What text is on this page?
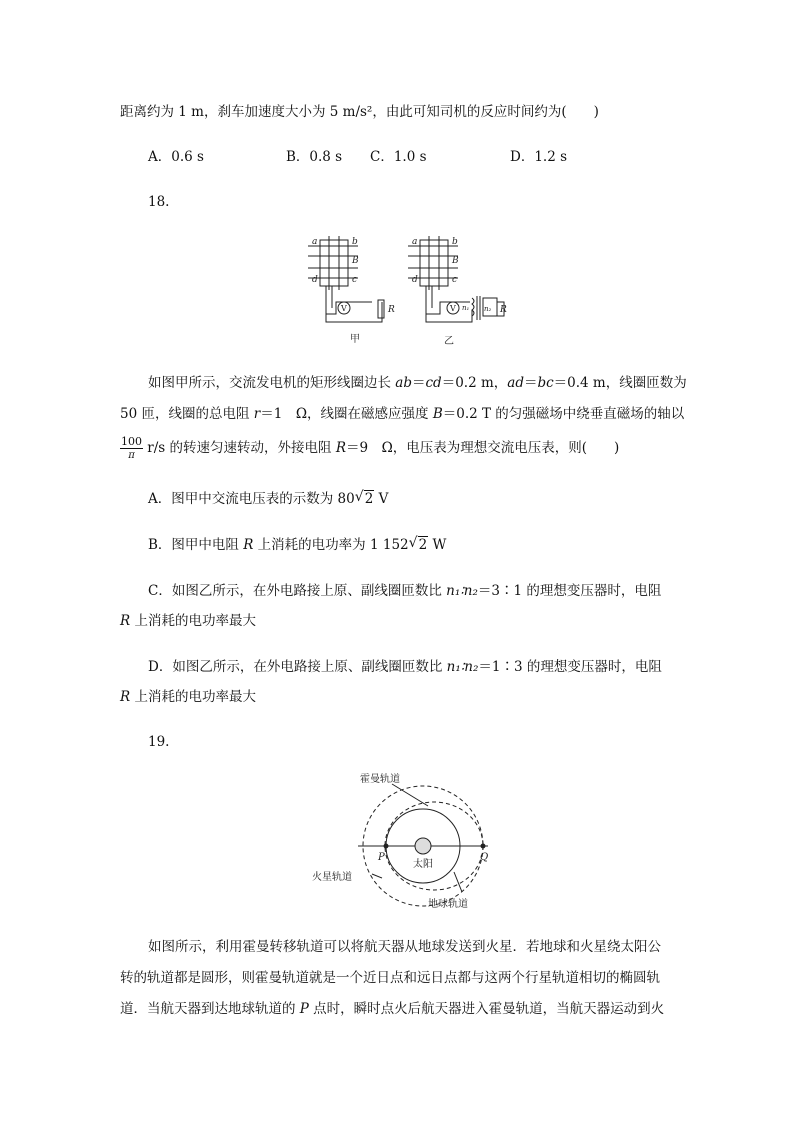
距离约为 1 m，刹车加速度大小为 5 m/s²，由此可知司机的反应时间约为(　　)
A．0.6 s	B．0.8 s C．1.0 s	D．1.2 s
18.
a	b
B
d	c
a	b
B
d	c
R	R
n₂
n₁
V	V
甲	乙
如图甲所示，交流发电机的矩形线圈边长 ab＝cd＝0.2 m，ad＝bc＝0.4 m，线圈匝数为
50 匝，线圈的总电阻 r＝1　Ω，线圈在磁感应强度 B＝0.2 T 的匀强磁场中绕垂直磁场的轴以
$\frac{100}{\pi} r/s$ 的转速匀速转动，外接电阻 R＝9　Ω，电压表为理想交流电压表，则(　　)
A．图甲中交流电压表的示数为 80 √ 2 V
B．图甲中电阻 R 上消耗的电功率为 1 152 √ 2 W
C．如图乙所示，在外电路接上原、副线圈匝数比 n₁∶n₂＝3∶1 的理想变压器时，电阻
R 上消耗的电功率最大
D．如图乙所示，在外电路接上原、副线圈匝数比 n₁∶n₂＝1∶3 的理想变压器时，电阻
R 上消耗的电功率最大
19.
霍曼轨道
太阳
火星轨道
地球轨道
P	Q
如图所示，利用霍曼转移轨道可以将航天器从地球发送到火星．若地球和火星绕太阳公
转的轨道都是圆形，则霍曼轨道就是一个近日点和远日点都与这两个行星轨道相切的椭圆轨
道．当航天器到达地球轨道的 P 点时，瞬时点火后航天器进入霍曼轨道，当航天器运动到火
